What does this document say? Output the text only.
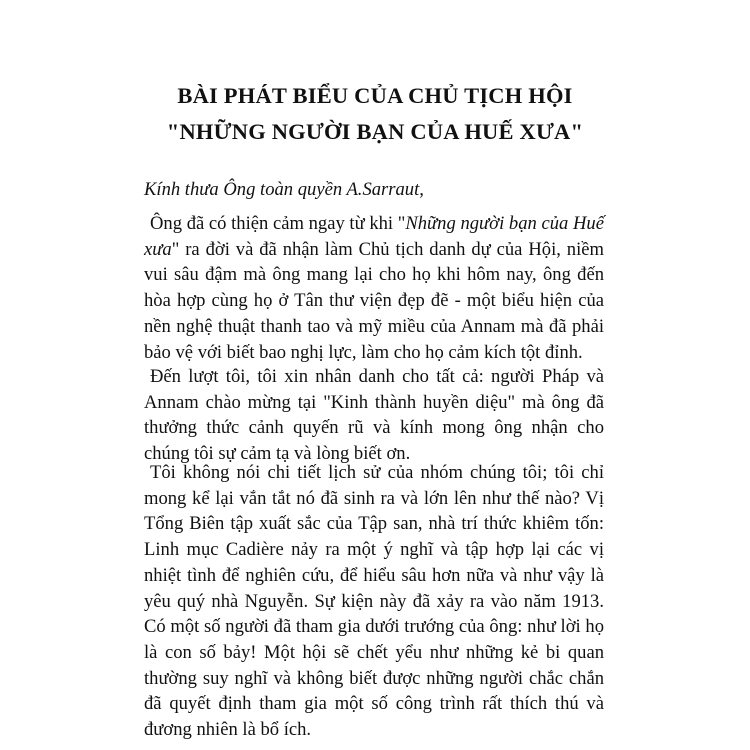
BÀI PHÁT BIỂU CỦA CHỦ TỊCH HỘI
"NHỮNG NGƯỜI BẠN CỦA HUẾ XƯA"

Kính thưa Ông toàn quyền A.Sarraut,

Ông đã có thiện cảm ngay từ khi "Những người bạn của Huế xưa" ra đời và đã nhận làm Chủ tịch danh dự của Hội, niềm vui sâu đậm mà ông mang lại cho họ khi hôm nay, ông đến hòa hợp cùng họ ở Tân thư viện đẹp đẽ - một biểu hiện của nền nghệ thuật thanh tao và mỹ miều của Annam mà đã phải bảo vệ với biết bao nghị lực, làm cho họ cảm kích tột đỉnh.

Đến lượt tôi, tôi xin nhân danh cho tất cả: người Pháp và Annam chào mừng tại "Kinh thành huyền diệu" mà ông đã thưởng thức cảnh quyến rũ và kính mong ông nhận cho chúng tôi sự cảm tạ và lòng biết ơn.

Tôi không nói chi tiết lịch sử của nhóm chúng tôi; tôi chỉ mong kể lại vắn tắt nó đã sinh ra và lớn lên như thế nào? Vị Tổng Biên tập xuất sắc của Tập san, nhà trí thức khiêm tốn: Linh mục Cadière nảy ra một ý nghĩ và tập hợp lại các vị nhiệt tình để nghiên cứu, để hiểu sâu hơn nữa và như vậy là yêu quý nhà Nguyễn. Sự kiện này đã xảy ra vào năm 1913. Có một số người đã tham gia dưới trướng của ông: như lời họ là con số bảy! Một hội sẽ chết yểu như những kẻ bi quan thường suy nghĩ và không biết được những người chắc chắn đã quyết định tham gia một số công trình rất thích thú và đương nhiên là bổ ích.
